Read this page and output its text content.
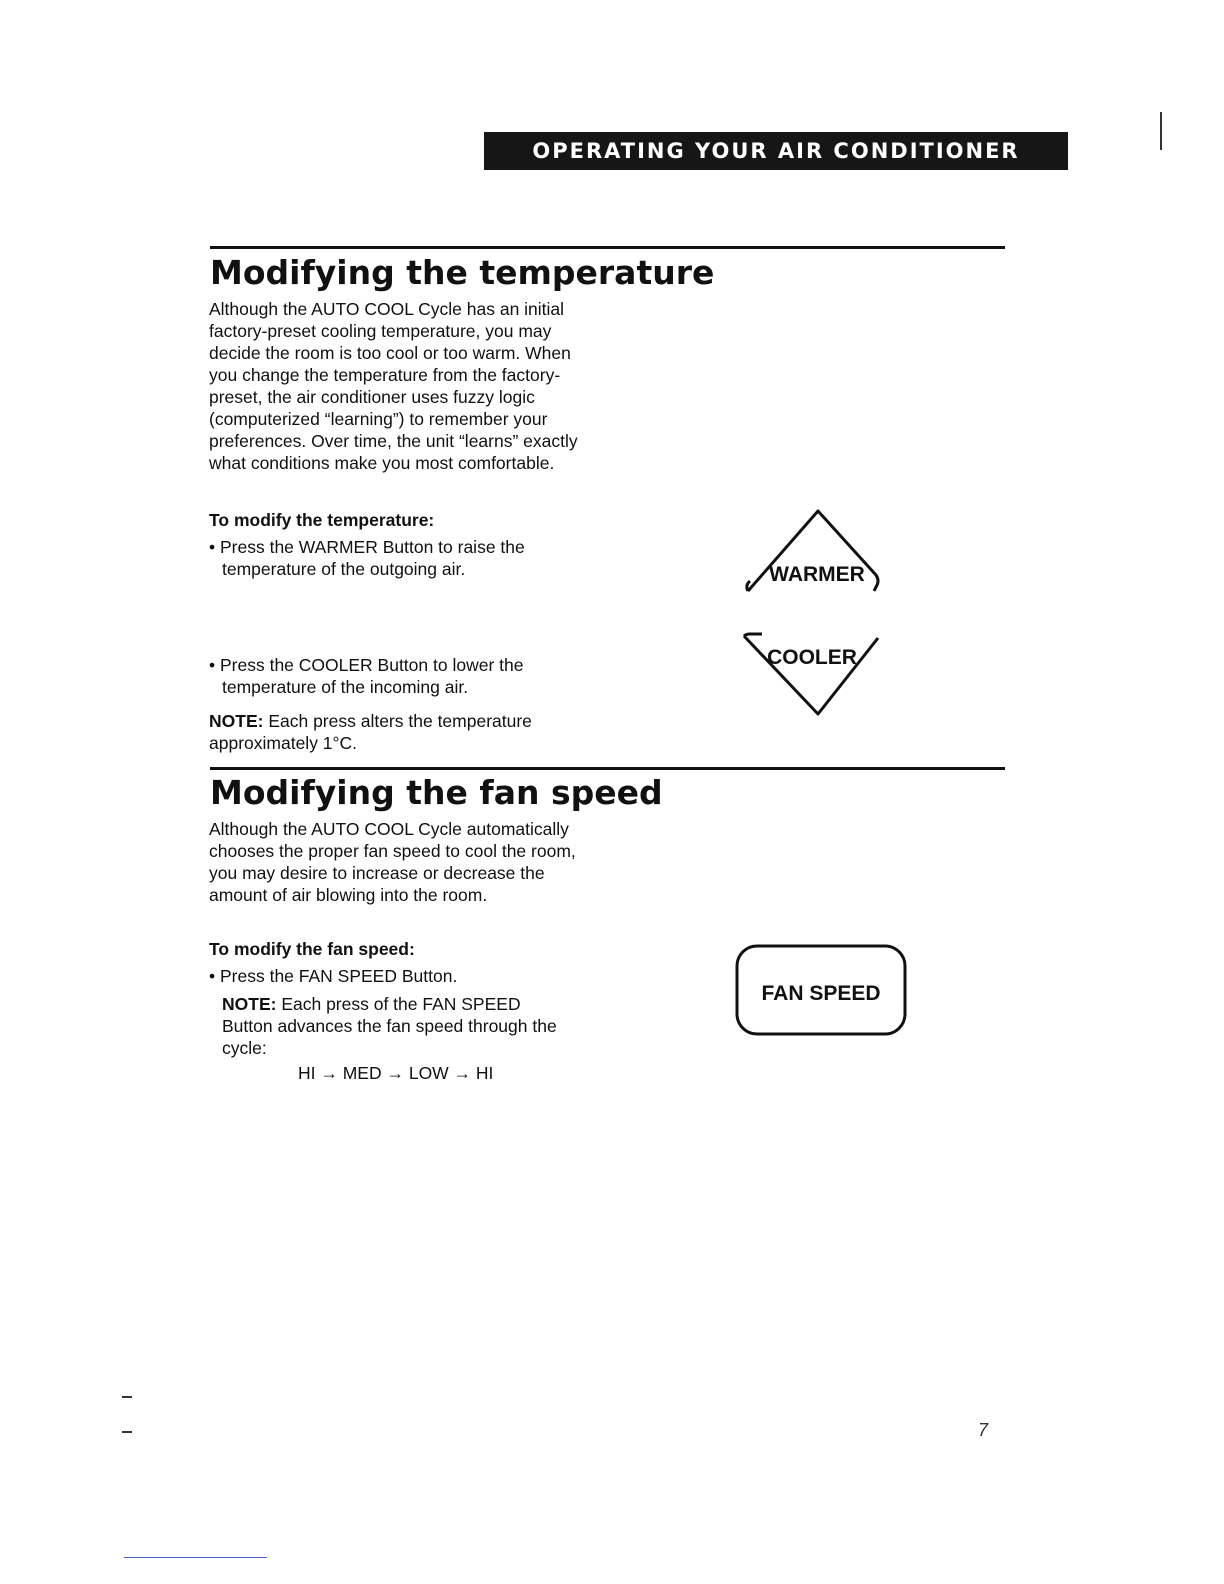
OPERATING YOUR AIR CONDITIONER
Modifying the temperature

Although the AUTO COOL Cycle has an initial factory-preset cooling temperature, you may decide the room is too cool or too warm. When you change the temperature from the factory-preset, the air conditioner uses fuzzy logic (computerized “learning”) to remember your preferences. Over time, the unit “learns” exactly what conditions make you most comfortable.

To modify the temperature:

• Press the WARMER Button to raise the temperature of the outgoing air.

• Press the COOLER Button to lower the temperature of the incoming air.

NOTE: Each press alters the temperature approximately 1°C.

WARMER
COOLER
Modifying the fan speed

Although the AUTO COOL Cycle automatically chooses the proper fan speed to cool the room, you may desire to increase or decrease the amount of air blowing into the room.

To modify the fan speed:

• Press the FAN SPEED Button.

NOTE: Each press of the FAN SPEED Button advances the fan speed through the cycle:

HI → MED → LOW → HI
FAN SPEED
7
